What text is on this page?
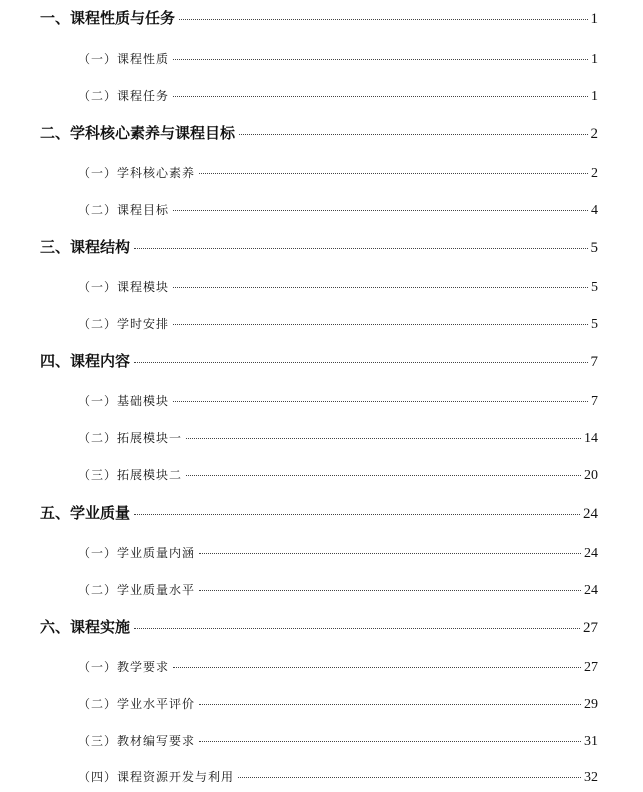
一、课程性质与任务	1
（一）课程性质	1
（二）课程任务	1
二、学科核心素养与课程目标	2
（一）学科核心素养	2
（二）课程目标	4
三、课程结构	5
（一）课程模块	5
（二）学时安排	5
四、课程内容	7
（一）基础模块	7
（二）拓展模块一	14
（三）拓展模块二	20
五、学业质量	24
（一）学业质量内涵	24
（二）学业质量水平	24
六、课程实施	27
（一）教学要求	27
（二）学业水平评价	29
（三）教材编写要求	31
（四）课程资源开发与利用	32
